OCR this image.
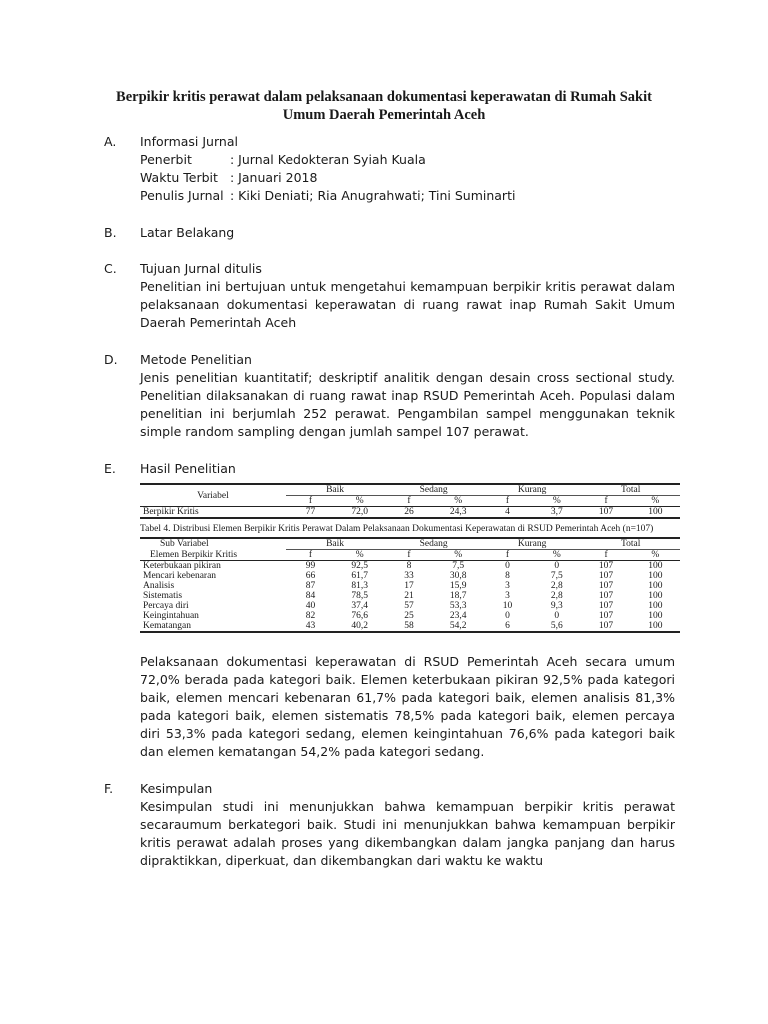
Berpikir kritis perawat dalam pelaksanaan dokumentasi keperawatan di Rumah Sakit
Umum Daerah Pemerintah Aceh
A. Informasi Jurnal
Penerbit	: Jurnal Kedokteran Syiah Kuala
Waktu Terbit : Januari 2018
Penulis Jurnal : Kiki Deniati; Ria Anugrahwati; Tini Suminarti
B. Latar Belakang
C. Tujuan Jurnal ditulis
Penelitian ini bertujuan untuk mengetahui kemampuan berpikir kritis perawat dalam pelaksanaan dokumentasi keperawatan di ruang rawat inap Rumah Sakit Umum Daerah Pemerintah Aceh
D. Metode Penelitian
Jenis penelitian kuantitatif; deskriptif analitik dengan desain cross sectional study. Penelitian dilaksanakan di ruang rawat inap RSUD Pemerintah Aceh. Populasi dalam penelitian ini berjumlah 252 perawat. Pengambilan sampel menggunakan teknik simple random sampling dengan jumlah sampel 107 perawat.
E. Hasil Penelitian
Variabel	Baik		Sedang		Kurang		Total	
	f	%	f	%	f	%	f	%
Berpikir Kritis	77	72,0	26	24,3	4	3,7	107	100
Tabel 4. Distribusi Elemen Berpikir Kritis Perawat Dalam Pelaksanaan Dokumentasi Keperawatan di RSUD Pemerintah Aceh (n=107)
Sub Variabel	Baik		Sedang		Kurang		Total	
Elemen Berpikir Kritis	f	%	f	%	f	%	f	%
Keterbukaan pikiran	99	92,5	8	7,5	0	0	107	100
Mencari kebenaran	66	61,7	33	30,8	8	7,5	107	100
Analisis	87	81,3	17	15,9	3	2,8	107	100
Sistematis	84	78,5	21	18,7	3	2,8	107	100
Percaya diri	40	37,4	57	53,3	10	9,3	107	100
Keingintahuan	82	76,6	25	23,4	0	0	107	100
Kematangan	43	40,2	58	54,2	6	5,6	107	100
Pelaksanaan dokumentasi keperawatan di RSUD Pemerintah Aceh secara umum 72,0% berada pada kategori baik. Elemen keterbukaan pikiran 92,5% pada kategori baik, elemen mencari kebenaran 61,7% pada kategori baik, elemen analisis 81,3% pada kategori baik, elemen sistematis 78,5% pada kategori baik, elemen percaya diri 53,3% pada kategori sedang, elemen keingintahuan 76,6% pada kategori baik dan elemen kematangan 54,2% pada kategori sedang.
F. Kesimpulan
Kesimpulan studi ini menunjukkan bahwa kemampuan berpikir kritis perawat secaraumum berkategori baik. Studi ini menunjukkan bahwa kemampuan berpikir kritis perawat adalah proses yang dikembangkan dalam jangka panjang dan harus dipraktikkan, diperkuat, dan dikembangkan dari waktu ke waktu
